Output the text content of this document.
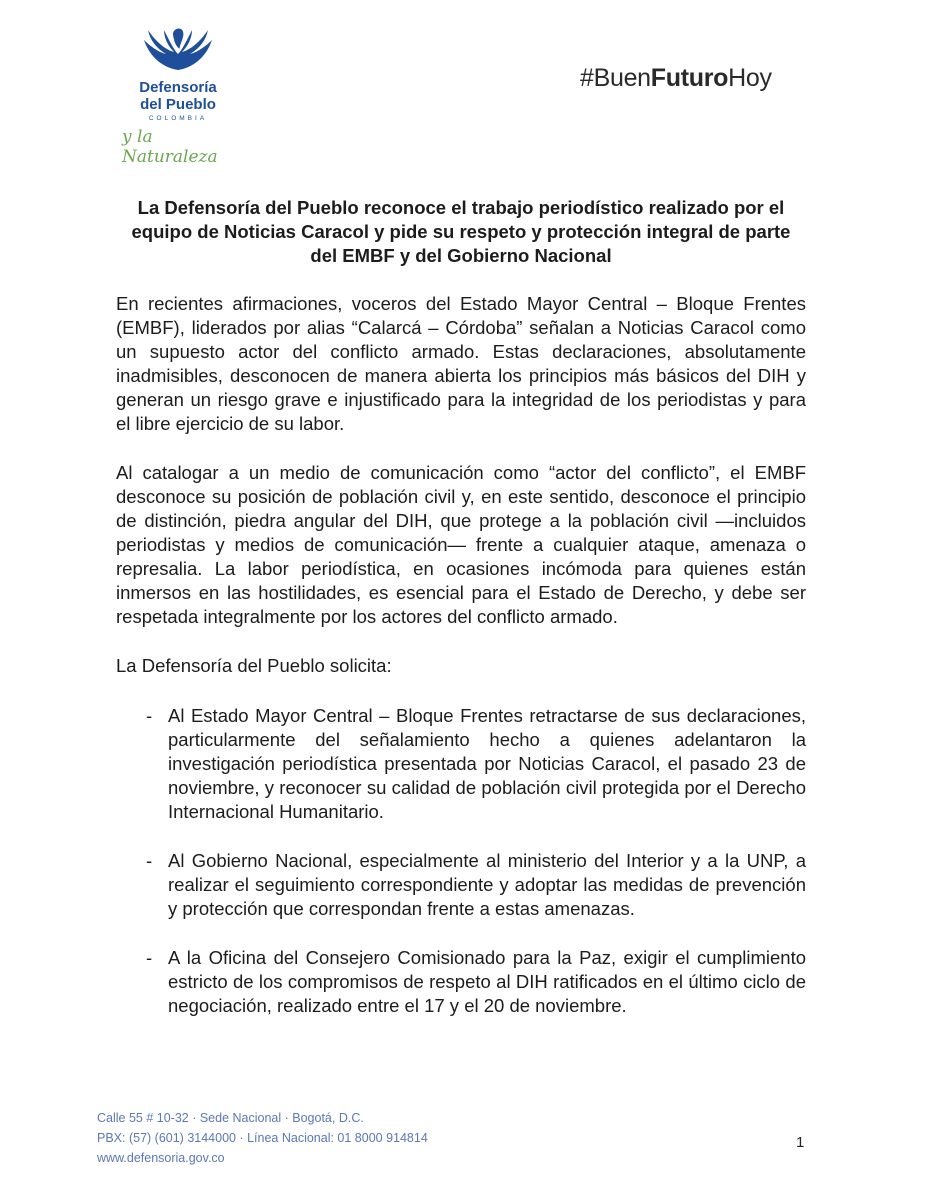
Defensoría
del Pueblo
COLOMBIA
y la Naturaleza
#BuenFuturoHoy
La Defensoría del Pueblo reconoce el trabajo periodístico realizado por el equipo de Noticias Caracol y pide su respeto y protección integral de parte del EMBF y del Gobierno Nacional
En recientes afirmaciones, voceros del Estado Mayor Central – Bloque Frentes (EMBF), liderados por alias “Calarcá – Córdoba” señalan a Noticias Caracol como un supuesto actor del conflicto armado. Estas declaraciones, absolutamente inadmisibles, desconocen de manera abierta los principios más básicos del DIH y generan un riesgo grave e injustificado para la integridad de los periodistas y para el libre ejercicio de su labor.
Al catalogar a un medio de comunicación como “actor del conflicto”, el EMBF desconoce su posición de población civil y, en este sentido, desconoce el principio de distinción, piedra angular del DIH, que protege a la población civil —incluidos periodistas y medios de comunicación— frente a cualquier ataque, amenaza o represalia. La labor periodística, en ocasiones incómoda para quienes están inmersos en las hostilidades, es esencial para el Estado de Derecho, y debe ser respetada integralmente por los actores del conflicto armado.
La Defensoría del Pueblo solicita:
- Al Estado Mayor Central – Bloque Frentes retractarse de sus declaraciones, particularmente del señalamiento hecho a quienes adelantaron la investigación periodística presentada por Noticias Caracol, el pasado 23 de noviembre, y reconocer su calidad de población civil protegida por el Derecho Internacional Humanitario.
- Al Gobierno Nacional, especialmente al ministerio del Interior y a la UNP, a realizar el seguimiento correspondiente y adoptar las medidas de prevención y protección que correspondan frente a estas amenazas.
- A la Oficina del Consejero Comisionado para la Paz, exigir el cumplimiento estricto de los compromisos de respeto al DIH ratificados en el último ciclo de negociación, realizado entre el 17 y el 20 de noviembre.
Calle 55 # 10-32 · Sede Nacional · Bogotá, D.C.
PBX: (57) (601) 3144000 · Línea Nacional: 01 8000 914814
www.defensoria.gov.co
1
